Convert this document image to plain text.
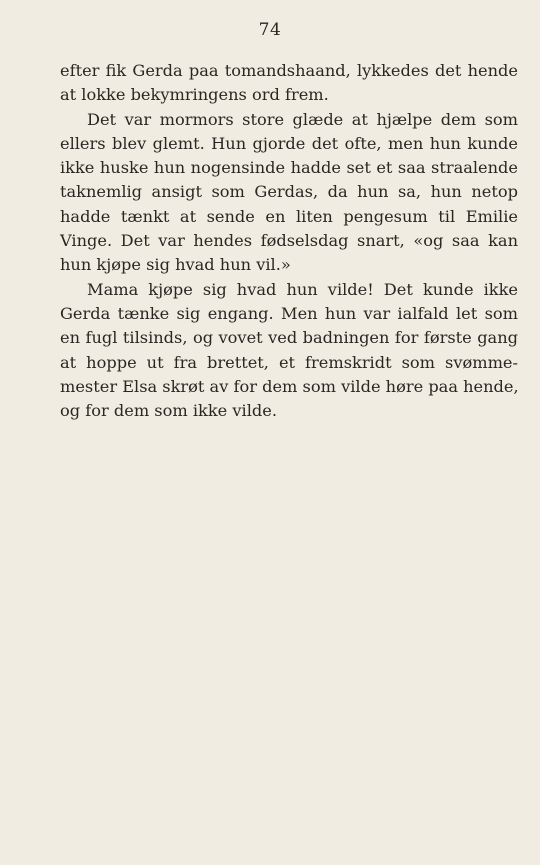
74
efter fik Gerda paa tomandshaand, lykkedes det hende
at lokke bekymringens ord frem.
Det var mormors store glæde at hjælpe dem som
ellers blev glemt. Hun gjorde det ofte, men hun kunde
ikke huske hun nogensinde hadde set et saa straalende
taknemlig ansigt som Gerdas, da hun sa, hun netop
hadde tænkt at sende en liten pengesum til Emilie
Vinge. Det var hendes fødselsdag snart, «og saa kan
hun kjøpe sig hvad hun vil.»
Mama kjøpe sig hvad hun vilde! Det kunde ikke
Gerda tænke sig engang. Men hun var ialfald let som
en fugl tilsinds, og vovet ved badningen for første gang
at hoppe ut fra brettet, et fremskridt som svømme-
mester Elsa skrøt av for dem som vilde høre paa hende,
og for dem som ikke vilde.
